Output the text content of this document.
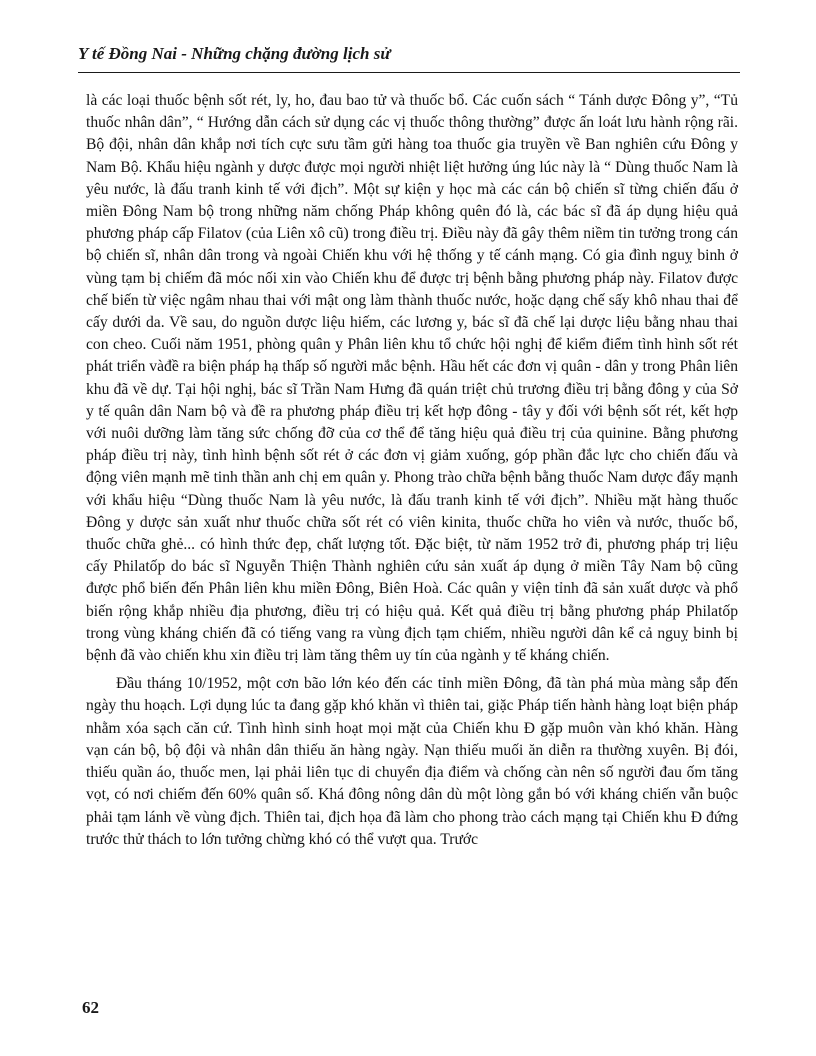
Y tế Đồng Nai - Những chặng đường lịch sử

là các loại thuốc bệnh sốt rét, ly, ho, đau bao tử và thuốc bổ. Các cuốn sách “ Tánh dược Đông y”, “Tủ thuốc nhân dân”, “ Hướng dẫn cách sử dụng các vị thuốc thông thường” được ấn loát lưu hành rộng rãi. Bộ đội, nhân dân khắp nơi tích cực sưu tầm gửi hàng toa thuốc gia truyền về Ban nghiên cứu Đông y Nam Bộ. Khẩu hiệu ngành y dược được mọi người nhiệt liệt hưởng úng lúc này là “ Dùng thuốc Nam là yêu nước, là đấu tranh kinh tế với địch”. Một sự kiện y học mà các cán bộ chiến sĩ từng chiến đấu ở miền Đông Nam bộ trong những năm chống Pháp không quên đó là, các bác sĩ đã áp dụng hiệu quả phương pháp cấp Filatov (của Liên xô cũ) trong điều trị. Điều này đã gây thêm niềm tin tưởng trong cán bộ chiến sĩ, nhân dân trong và ngoài Chiến khu với hệ thống y tế cánh mạng. Có gia đình nguỵ binh ở vùng tạm bị chiếm đã móc nối xin vào Chiến khu để được trị bệnh bằng phương pháp này. Filatov được chế biến từ việc ngâm nhau thai với mật ong làm thành thuốc nước, hoặc dạng chế sấy khô nhau thai để cấy dưới da. Về sau, do nguồn dược liệu hiếm, các lương y, bác sĩ đã chế lại dược liệu bằng nhau thai con cheo. Cuối năm 1951, phòng quân y Phân liên khu tổ chức hội nghị để kiểm điểm tình hình sốt rét phát triển vàđề ra biện pháp hạ thấp số người mắc bệnh. Hầu hết các đơn vị quân - dân y trong Phân liên khu đã về dự. Tại hội nghị, bác sĩ Trần Nam Hưng đã quán triệt chủ trương điều trị bằng đông y của Sở y tế quân dân Nam bộ và đề ra phương pháp điều trị kết hợp đông - tây y đối với bệnh sốt rét, kết hợp với nuôi dưỡng làm tăng sức chống đỡ của cơ thể để tăng hiệu quả điều trị của quinine. Bằng phương pháp điều trị này, tình hình bệnh sốt rét ở các đơn vị giảm xuống, góp phần đắc lực cho chiến đấu và động viên mạnh mẽ tinh thần anh chị em quân y. Phong trào chữa bệnh bằng thuốc Nam dược đẩy mạnh với khẩu hiệu “Dùng thuốc Nam là yêu nước, là đấu tranh kinh tế với địch”. Nhiều mặt hàng thuốc Đông y dược sản xuất như thuốc chữa sốt rét có viên kinita, thuốc chữa ho viên và nước, thuốc bổ, thuốc chữa ghẻ... có hình thức đẹp, chất lượng tốt. Đặc biệt, từ năm 1952 trở đi, phương pháp trị liệu cấy Philatốp do bác sĩ Nguyễn Thiện Thành nghiên cứu sản xuất áp dụng ở miền Tây Nam bộ cũng được phổ biến đến Phân liên khu miền Đông, Biên Hoà. Các quân y viện tỉnh đã sản xuất dược và phổ biến rộng khắp nhiều địa phương, điều trị có hiệu quả. Kết quả điều trị bằng phương pháp Philatốp trong vùng kháng chiến đã có tiếng vang ra vùng địch tạm chiếm, nhiều người dân kể cả nguỵ binh bị bệnh đã vào chiến khu xin điều trị làm tăng thêm uy tín của ngành y tế kháng chiến.

Đầu tháng 10/1952, một cơn bão lớn kéo đến các tỉnh miền Đông, đã tàn phá mùa màng sắp đến ngày thu hoạch. Lợi dụng lúc ta đang gặp khó khăn vì thiên tai, giặc Pháp tiến hành hàng loạt biện pháp nhằm xóa sạch căn cứ. Tình hình sinh hoạt mọi mặt của Chiến khu Đ gặp muôn vàn khó khăn. Hàng vạn cán bộ, bộ đội và nhân dân thiếu ăn hàng ngày. Nạn thiếu muối ăn diễn ra thường xuyên. Bị đói, thiếu quần áo, thuốc men, lại phải liên tục di chuyển địa điểm và chống càn nên số người đau ốm tăng vọt, có nơi chiếm đến 60% quân số. Khá đông nông dân dù một lòng gắn bó với kháng chiến vẫn buộc phải tạm lánh về vùng địch. Thiên tai, địch họa đã làm cho phong trào cách mạng tại Chiến khu Đ đứng trước thử thách to lớn tưởng chừng khó có thể vượt qua. Trước

62
